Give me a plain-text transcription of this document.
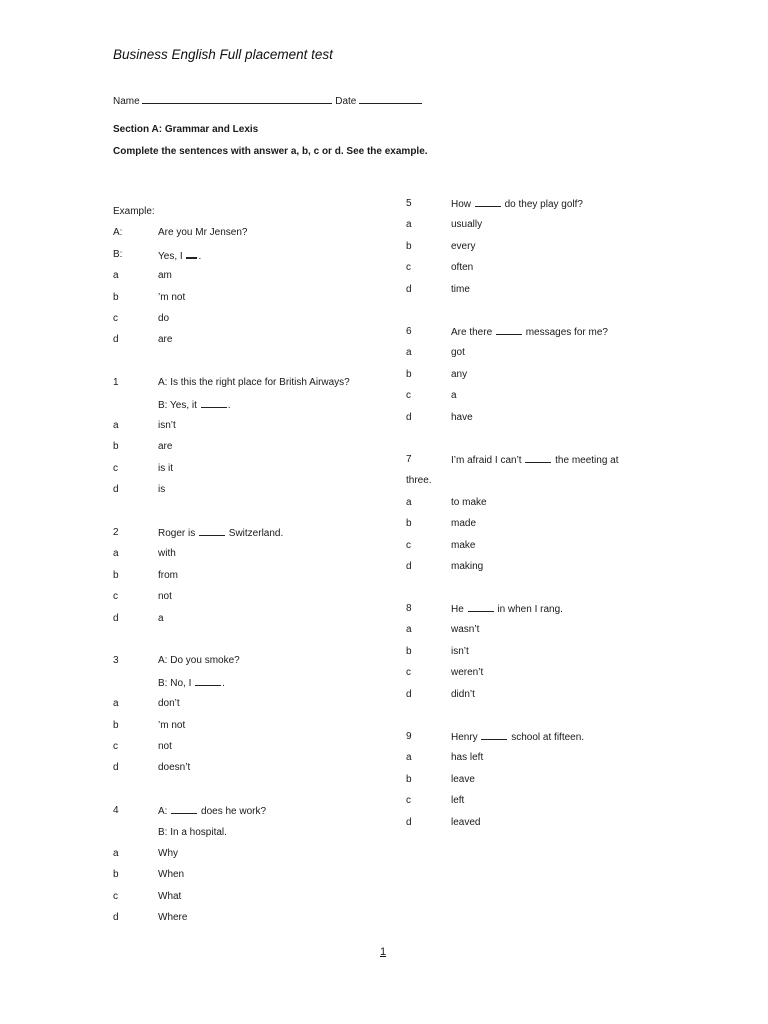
Business English Full placement test
Name	Date
Section A: Grammar and Lexis
Complete the sentences with answer a, b, c or d. See the example.
Example:
A:	Are you Mr Jensen?
B:	Yes, I .
a	am
b	’m not
c	do
d	are
1	A: Is this the right place for British Airways?
B: Yes, it	.
a	isn’t
b	are
c	is it
d	is
2	Roger is	Switzerland.
a	with
b	from
c	not
d	a
3	A: Do you smoke?
B: No, I	.
a	don’t
b	’m not
c	not
d	doesn’t
4	A:	does he work?
B: In a hospital.
a	Why
b	When
c	What
d	Where
5	How	do they play golf?
a	usually
b	every
c	often
d	time
6	Are there	messages for me?
a	got
b	any
c	a
d	have
7	I’m afraid I can’t	the meeting at
three.
a	to make
b	made
c	make
d	making
8	He	in when I rang.
a	wasn’t
b	isn’t
c	weren’t
d	didn’t
9	Henry	school at fifteen.
a	has left
b	leave
c	left
d	leaved
1
